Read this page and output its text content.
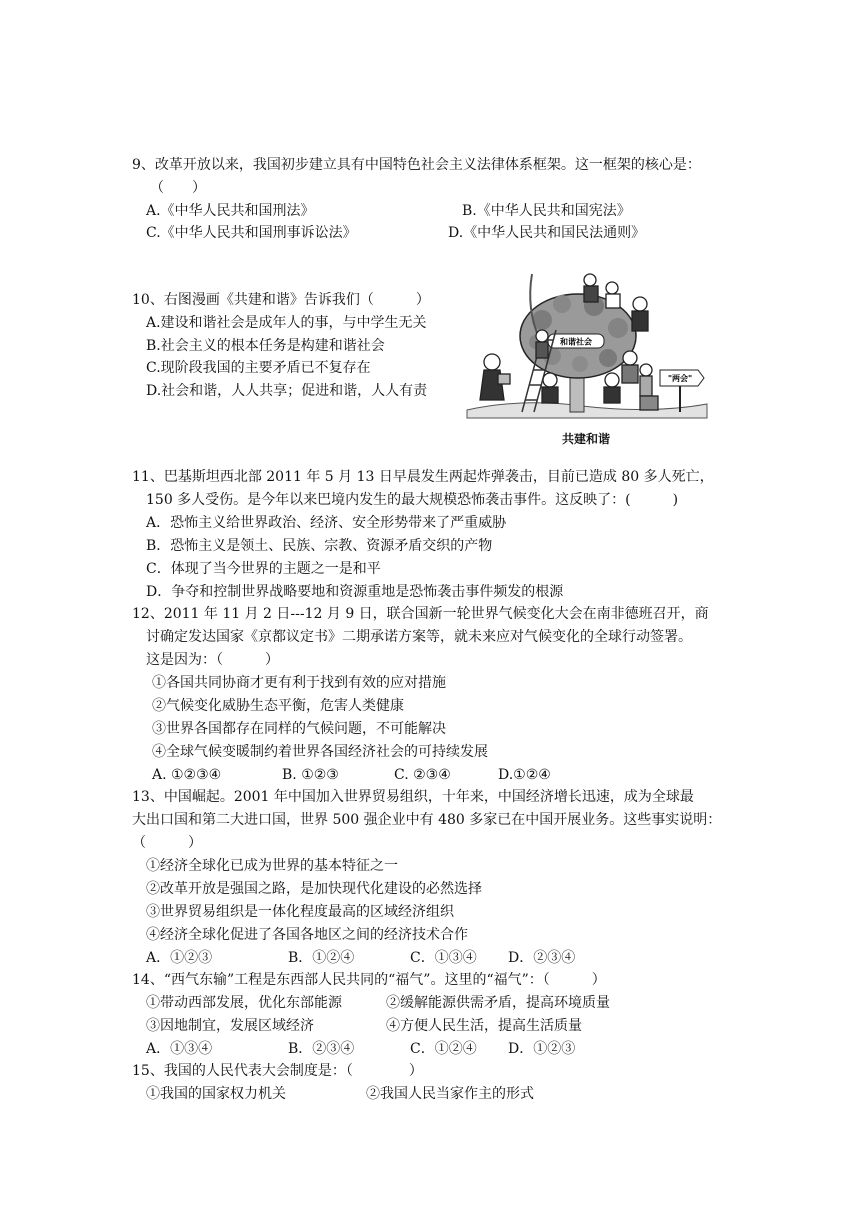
9、改革开放以来，我国初步建立具有中国特色社会主义法律体系框架。这一框架的核心是：
（　　）
A.《中华人民共和国刑法》	B.《中华人民共和国宪法》
C.《中华人民共和国刑事诉讼法》	D.《中华人民共和国民法通则》
10、右图漫画《共建和谐》告诉我们（　　　）
A.建设和谐社会是成年人的事，与中学生无关
B.社会主义的根本任务是构建和谐社会
C.现阶段我国的主要矛盾已不复存在
D.社会和谐，人人共享；促进和谐，人人有责
和谐社会
"两会"
共建和谐
11、巴基斯坦西北部 2011 年 5 月 13 日早晨发生两起炸弹袭击，目前已造成 80 多人死亡，
150 多人受伤。是今年以来巴境内发生的最大规模恐怖袭击事件。这反映了：(　　　)
A．恐怖主义给世界政治、经济、安全形势带来了严重威胁
B．恐怖主义是领土、民族、宗教、资源矛盾交织的产物
C．体现了当今世界的主题之一是和平
D．争夺和控制世界战略要地和资源重地是恐怖袭击事件频发的根源
12、2011 年 11 月 2 日---12 月 9 日，联合国新一轮世界气候变化大会在南非德班召开，商
讨确定发达国家《京都议定书》二期承诺方案等，就未来应对气候变化的全球行动签署。
这是因为：（　　　）
①各国共同协商才更有利于找到有效的应对措施
②气候变化威胁生态平衡，危害人类健康
③世界各国都存在同样的气候问题，不可能解决
④全球气候变暖制约着世界各国经济社会的可持续发展
A. ①②③④	B. ①②③	C. ②③④	D.①②④
13、中国崛起。2001 年中国加入世界贸易组织，十年来，中国经济增长迅速，成为全球最
大出口国和第二大进口国，世界 500 强企业中有 480 多家已在中国开展业务。这些事实说明：
（　　　）
①经济全球化已成为世界的基本特征之一
②改革开放是强国之路，是加快现代化建设的必然选择
③世界贸易组织是一体化程度最高的区域经济组织
④经济全球化促进了各国各地区之间的经济技术合作
A．①②③	B．①②④	C．①③④ D．②③④
14、“西气东输”工程是东西部人民共同的“福气”。这里的“福气”：（　　　）
①带动西部发展，优化东部能源	②缓解能源供需矛盾，提高环境质量
③因地制宜，发展区域经济	④方便人民生活，提高生活质量
A．①③④	B．②③④	C．①②④ D．①②③
15、我国的人民代表大会制度是：（　　　　）
①我国的国家权力机关	②我国人民当家作主的形式
